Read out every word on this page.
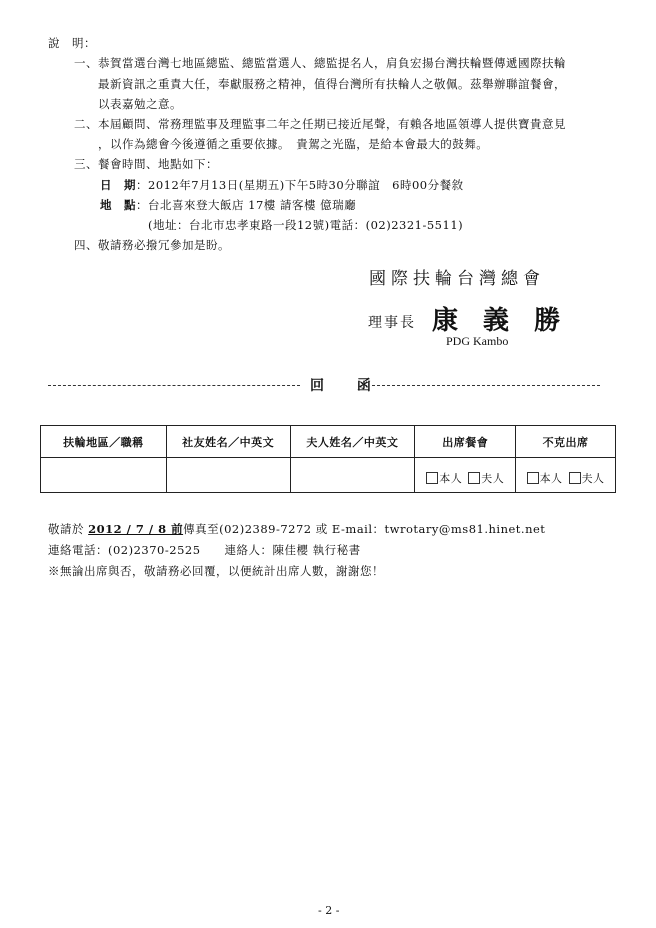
說　明：
一、恭賀當選台灣七地區總監、總監當選人、總監提名人，肩負宏揚台灣扶輪暨傳遞國際扶輪
最新資訊之重責大任，奉獻服務之精神，值得台灣所有扶輪人之敬佩。茲舉辦聯誼餐會，
以表嘉勉之意。
二、本屆顧問、常務理監事及理監事二年之任期已接近尾聲，有賴各地區領導人提供寶貴意見
，以作為總會今後遵循之重要依據。　貴駕之光臨，是給本會最大的鼓舞。
三、餐會時間、地點如下：
日　期：2012年7月13日(星期五)下午5時30分聯誼　6時00分餐敘
地　點：台北喜來登大飯店 17樓 請客樓 億瑞廳
(地址：台北市忠孝東路一段12號)電話：(02)2321-5511)
四、敬請務必撥冗參加是盼。
國際扶輪台灣總會
理事長 康 義 勝
PDG Kambo
回 函
扶輪地區／職稱	社友姓名／中英文	夫人姓名／中英文	出席餐會	不克出席
			本人 夫人	本人 夫人
敬請於 2012 / 7 / 8 前傳真至(02)2389-7272 或 E-mail：twrotary@ms81.hinet.net
連絡電話：(02)2370-2525　　連絡人：陳佳櫻 執行秘書
※無論出席與否，敬請務必回覆，以便統計出席人數，謝謝您！
- 2 -
